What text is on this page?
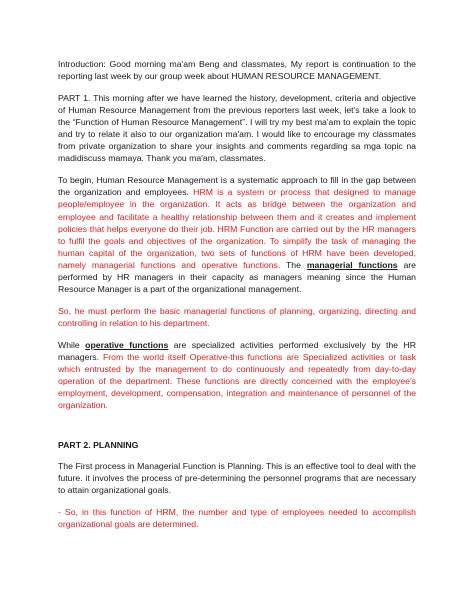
Introduction: Good morning ma'am Beng and classmates, My report is continuation to the reporting last week by our group week about HUMAN RESOURCE MANAGEMENT.

PART 1. This morning after we have learned the history, development, criteria and objective of Human Resource Management from the previous reporters last week, let's take a look to the “Function of Human Resource Management”. I will try my best ma'am to explain the topic and try to relate it also to our organization ma'am. I would like to encourage my classmates from private organization to share your insights and comments regarding sa mga topic na madidiscuss mamaya. Thank you ma'am, classmates.

To begin, Human Resource Management is a systematic approach to fill in the gap between the organization and employees. HRM is a system or process that designed to manage people/employee in the organization. It acts as bridge between the organization and employee and facilitate a healthy relationship between them and it creates and implement policies that helps everyone do their job. HRM Function are carried out by the HR managers to fulfil the goals and objectives of the organization. To simplify the task of managing the human capital of the organization, two sets of functions of HRM have been developed, namely managerial functions and operative functions. The managerial functions are performed by HR managers in their capacity as managers meaning since the Human Resource Manager is a part of the organizational management.

So, he must perform the basic managerial functions of planning, organizing, directing and controlling in relation to his department.

While operative functions are specialized activities performed exclusively by the HR managers. From the world itself Operative-this functions are Specialized activities or task which entrusted by the management to do continuously and repeatedly from day-to-day operation of the department. These functions are directly concerned with the employee's employment, development, compensation, integration and maintenance of personnel of the organization.

PART 2. PLANNING

The First process in Managerial Function is Planning. This is an effective tool to deal with the future. it involves the process of pre-determining the personnel programs that are necessary to attain organizational goals.

- So, in this function of HRM, the number and type of employees needed to accomplish organizational goals are determined.
